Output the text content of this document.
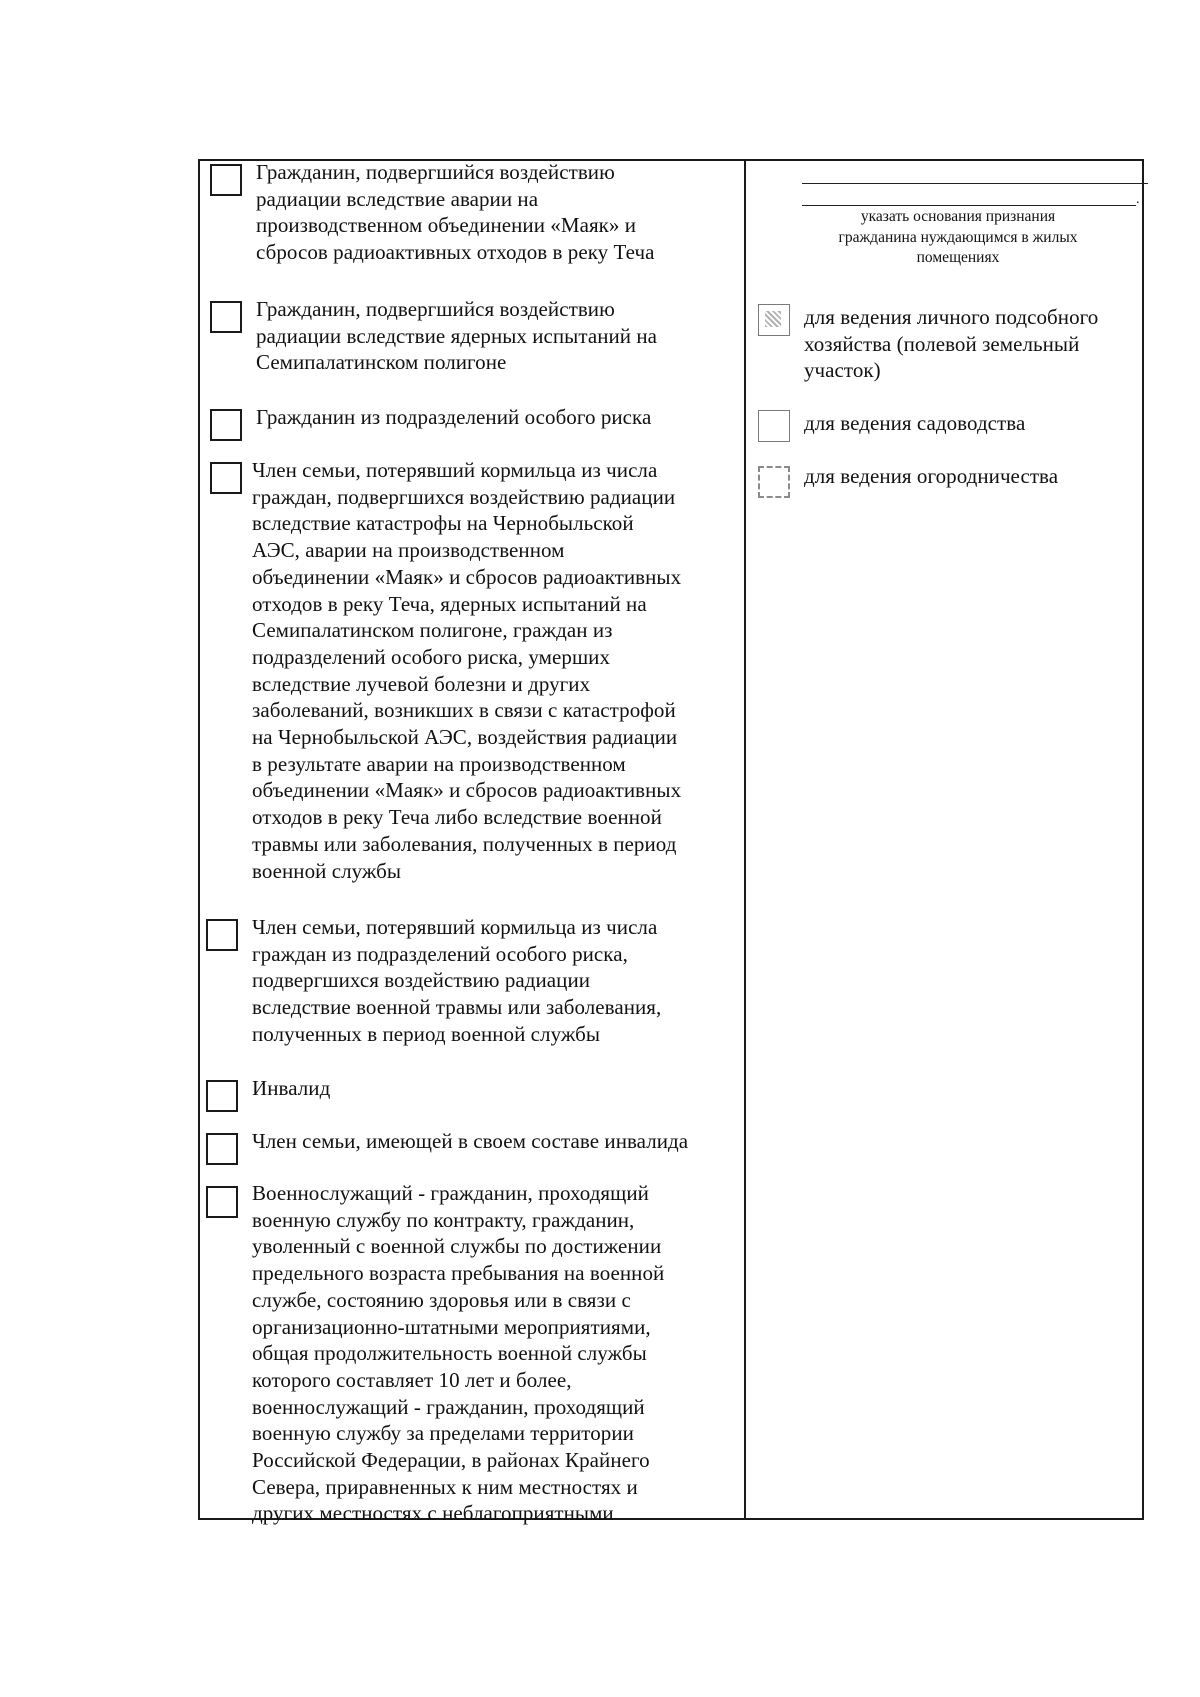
Гражданин, подвергшийся воздействию
радиации вследствие аварии на
производственном объединении «Маяк» и
сбросов радиоактивных отходов в реку Теча
Гражданин, подвергшийся воздействию
радиации вследствие ядерных испытаний на
Семипалатинском полигоне
Гражданин из подразделений особого риска
Член семьи, потерявший кормильца из числа
граждан, подвергшихся воздействию радиации
вследствие катастрофы на Чернобыльской
АЭС, аварии на производственном
объединении «Маяк» и сбросов радиоактивных
отходов в реку Теча, ядерных испытаний на
Семипалатинском полигоне, граждан из
подразделений особого риска, умерших
вследствие лучевой болезни и других
заболеваний, возникших в связи с катастрофой
на Чернобыльской АЭС, воздействия радиации
в результате аварии на производственном
объединении «Маяк» и сбросов радиоактивных
отходов в реку Теча либо вследствие военной
травмы или заболевания, полученных в период
военной службы
Член семьи, потерявший кормильца из числа
граждан из подразделений особого риска,
подвергшихся воздействию радиации
вследствие военной травмы или заболевания,
полученных в период военной службы
Инвалид
Член семьи, имеющей в своем составе инвалида
Военнослужащий - гражданин, проходящий
военную службу по контракту, гражданин,
уволенный с военной службы по достижении
предельного возраста пребывания на военной
службе, состоянию здоровья или в связи с
организационно-штатными мероприятиями,
общая продолжительность военной службы
которого составляет 10 лет и более,
военнослужащий - гражданин, проходящий
военную службу за пределами территории
Российской Федерации, в районах Крайнего
Севера, приравненных к ним местностях и
других местностях с неблагоприятными
.
указать основания признания
гражданина нуждающимся в жилых
помещениях
для ведения личного подсобного
хозяйства (полевой земельный
участок)
для ведения садоводства
для ведения огородничества
